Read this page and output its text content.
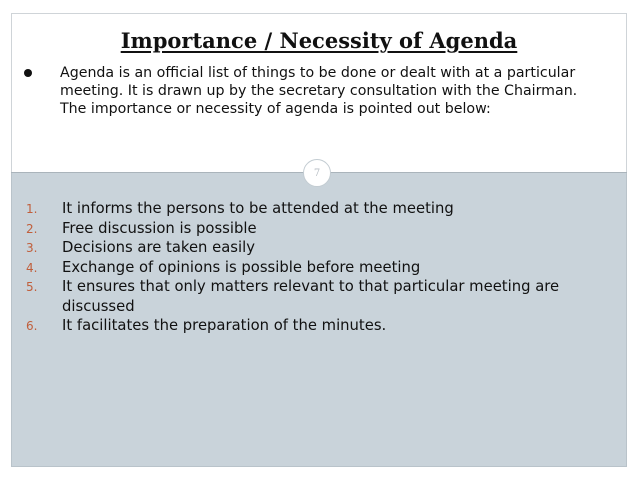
Importance / Necessity of Agenda

Agenda is an official list of things to be done or dealt with at a particular meeting. It is drawn up by the secretary consultation with the Chairman. The importance or necessity of agenda is pointed out below:

7
1. It informs the persons to be attended at the meeting
2. Free discussion is possible
3. Decisions are taken easily
4. Exchange of opinions is possible before meeting
5. It ensures that only matters relevant to that particular meeting are discussed
6. It facilitates the preparation of the minutes.
